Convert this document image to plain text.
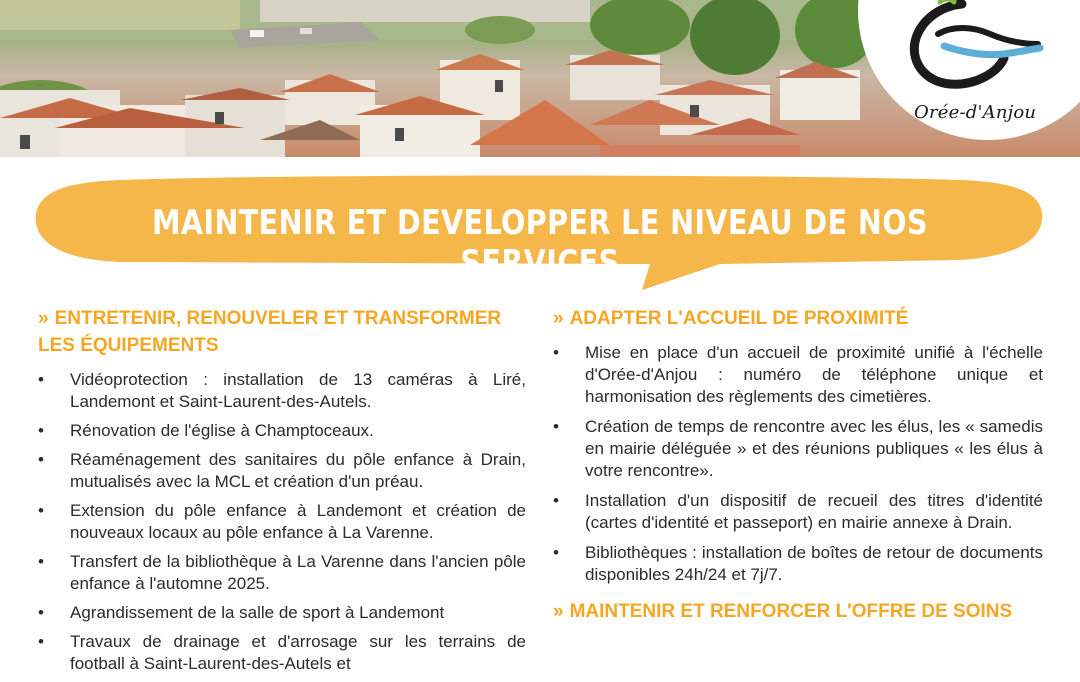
Orée-d'Anjou
MAINTENIR ET DEVELOPPER LE NIVEAU DE NOS SERVICES
» ENTRETENIR, RENOUVELER ET TRANSFORMER LES ÉQUIPEMENTS
• Vidéoprotection : installation de 13 caméras à Liré, Landemont et Saint-Laurent-des-Autels.
• Rénovation de l'église à Champtoceaux.
• Réaménagement des sanitaires du pôle enfance à Drain, mutualisés avec la MCL et création d'un préau.
• Extension du pôle enfance à Landemont et création de nouveaux locaux au pôle enfance à La Varenne.
• Transfert de la bibliothèque à La Varenne dans l'ancien pôle enfance à l'automne 2025.
• Agrandissement de la salle de sport à Landemont
• Travaux de drainage et d'arrosage sur les terrains de football à Saint-Laurent-des-Autels et
» ADAPTER L'ACCUEIL DE PROXIMITÉ
• Mise en place d'un accueil de proximité unifié à l'échelle d'Orée-d'Anjou : numéro de téléphone unique et harmonisation des règlements des cimetières.
• Création de temps de rencontre avec les élus, les « samedis en mairie déléguée » et des réunions publiques « les élus à votre rencontre».
• Installation d'un dispositif de recueil des titres d'identité (cartes d'identité et passeport) en mairie annexe à Drain.
• Bibliothèques : installation de boîtes de retour de documents disponibles 24h/24 et 7j/7.
» MAINTENIR ET RENFORCER L'OFFRE DE SOINS
